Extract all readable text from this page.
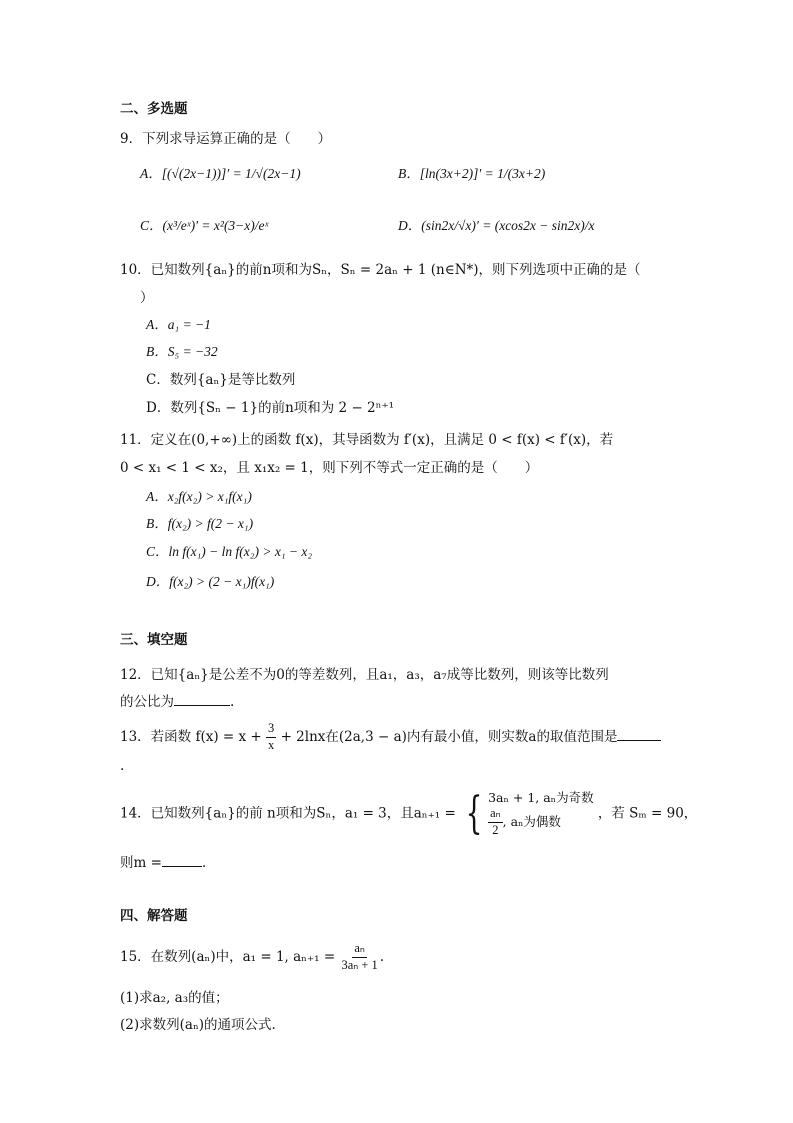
二、多选题
9．下列求导运算正确的是（　　）
A．[(√(2x−1))]′ = 1/√(2x−1)	B．[ln(3x+2)]′ = 1/(3x+2)
C．(x³/eˣ)′ = x²(3−x)/eˣ	D．(sin2x/√x)′ = (xcos2x − sin2x)/x
10．已知数列{aₙ}的前n项和为Sₙ，Sₙ = 2aₙ + 1 (n∈N*)，则下列选项中正确的是（
）
A．a₁ = −1
B．S₅ = −32
C．数列{aₙ}是等比数列
D．数列{Sₙ − 1}的前n项和为 2 − 2ⁿ⁺¹
11．定义在(0,+∞)上的函数 f(x)，其导函数为 f′(x)，且满足 0 < f(x) < f′(x)，若
0 < x₁ < 1 < x₂，且 x₁x₂ = 1，则下列不等式一定正确的是（　　）
A．x₂f(x₂) > x₁f(x₁)
B．f(x₂) > f(2 − x₁)
C．ln f(x₁) − ln f(x₂) > x₁ − x₂
D．f(x₂) > (2 − x₁)f(x₁)
三、填空题
12．已知{aₙ}是公差不为0的等差数列，且a₁，a₃，a₇成等比数列，则该等比数列
的公比为	.
13．若函数 $f(x) = x + \frac{3}{x} + 2\ln x$在(2a,3 − a)内有最小值，则实数a的取值范围是
.
14．已知数列{aₙ}的前 n项和为Sₙ，a₁ = 3，且aₙ₊₁ = { 3aₙ + 1, aₙ为奇数
$\frac{\text{aₙ}}{2}$ , aₙ为偶数	，若 Sₘ = 90，
则m =	.
四、解答题
15．在数列(aₙ)中，a₁ = 1, $a_{n+1} = \frac{\text{aₙ}}{\text{3aₙ + 1}}$ .
(1)求a₂, a₃的值；
(2)求数列(aₙ)的通项公式.
